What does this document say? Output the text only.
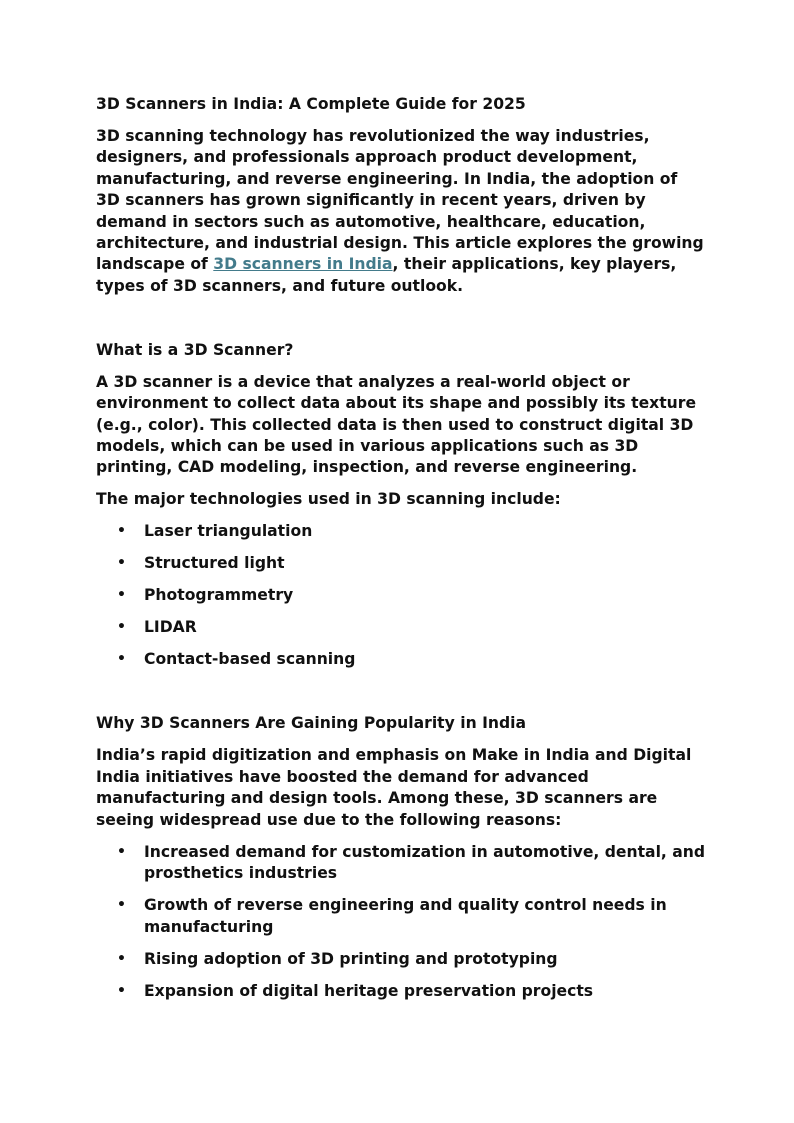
3D Scanners in India: A Complete Guide for 2025

3D scanning technology has revolutionized the way industries, designers, and professionals approach product development, manufacturing, and reverse engineering. In India, the adoption of 3D scanners has grown significantly in recent years, driven by demand in sectors such as automotive, healthcare, education, architecture, and industrial design. This article explores the growing landscape of 3D scanners in India, their applications, key players, types of 3D scanners, and future outlook.

What is a 3D Scanner?

A 3D scanner is a device that analyzes a real-world object or environment to collect data about its shape and possibly its texture (e.g., color). This collected data is then used to construct digital 3D models, which can be used in various applications such as 3D printing, CAD modeling, inspection, and reverse engineering.

The major technologies used in 3D scanning include:

• Laser triangulation
• Structured light
• Photogrammetry
• LIDAR
• Contact-based scanning

Why 3D Scanners Are Gaining Popularity in India

India’s rapid digitization and emphasis on Make in India and Digital India initiatives have boosted the demand for advanced manufacturing and design tools. Among these, 3D scanners are seeing widespread use due to the following reasons:

• Increased demand for customization in automotive, dental, and prosthetics industries
• Growth of reverse engineering and quality control needs in manufacturing
• Rising adoption of 3D printing and prototyping
• Expansion of digital heritage preservation projects
